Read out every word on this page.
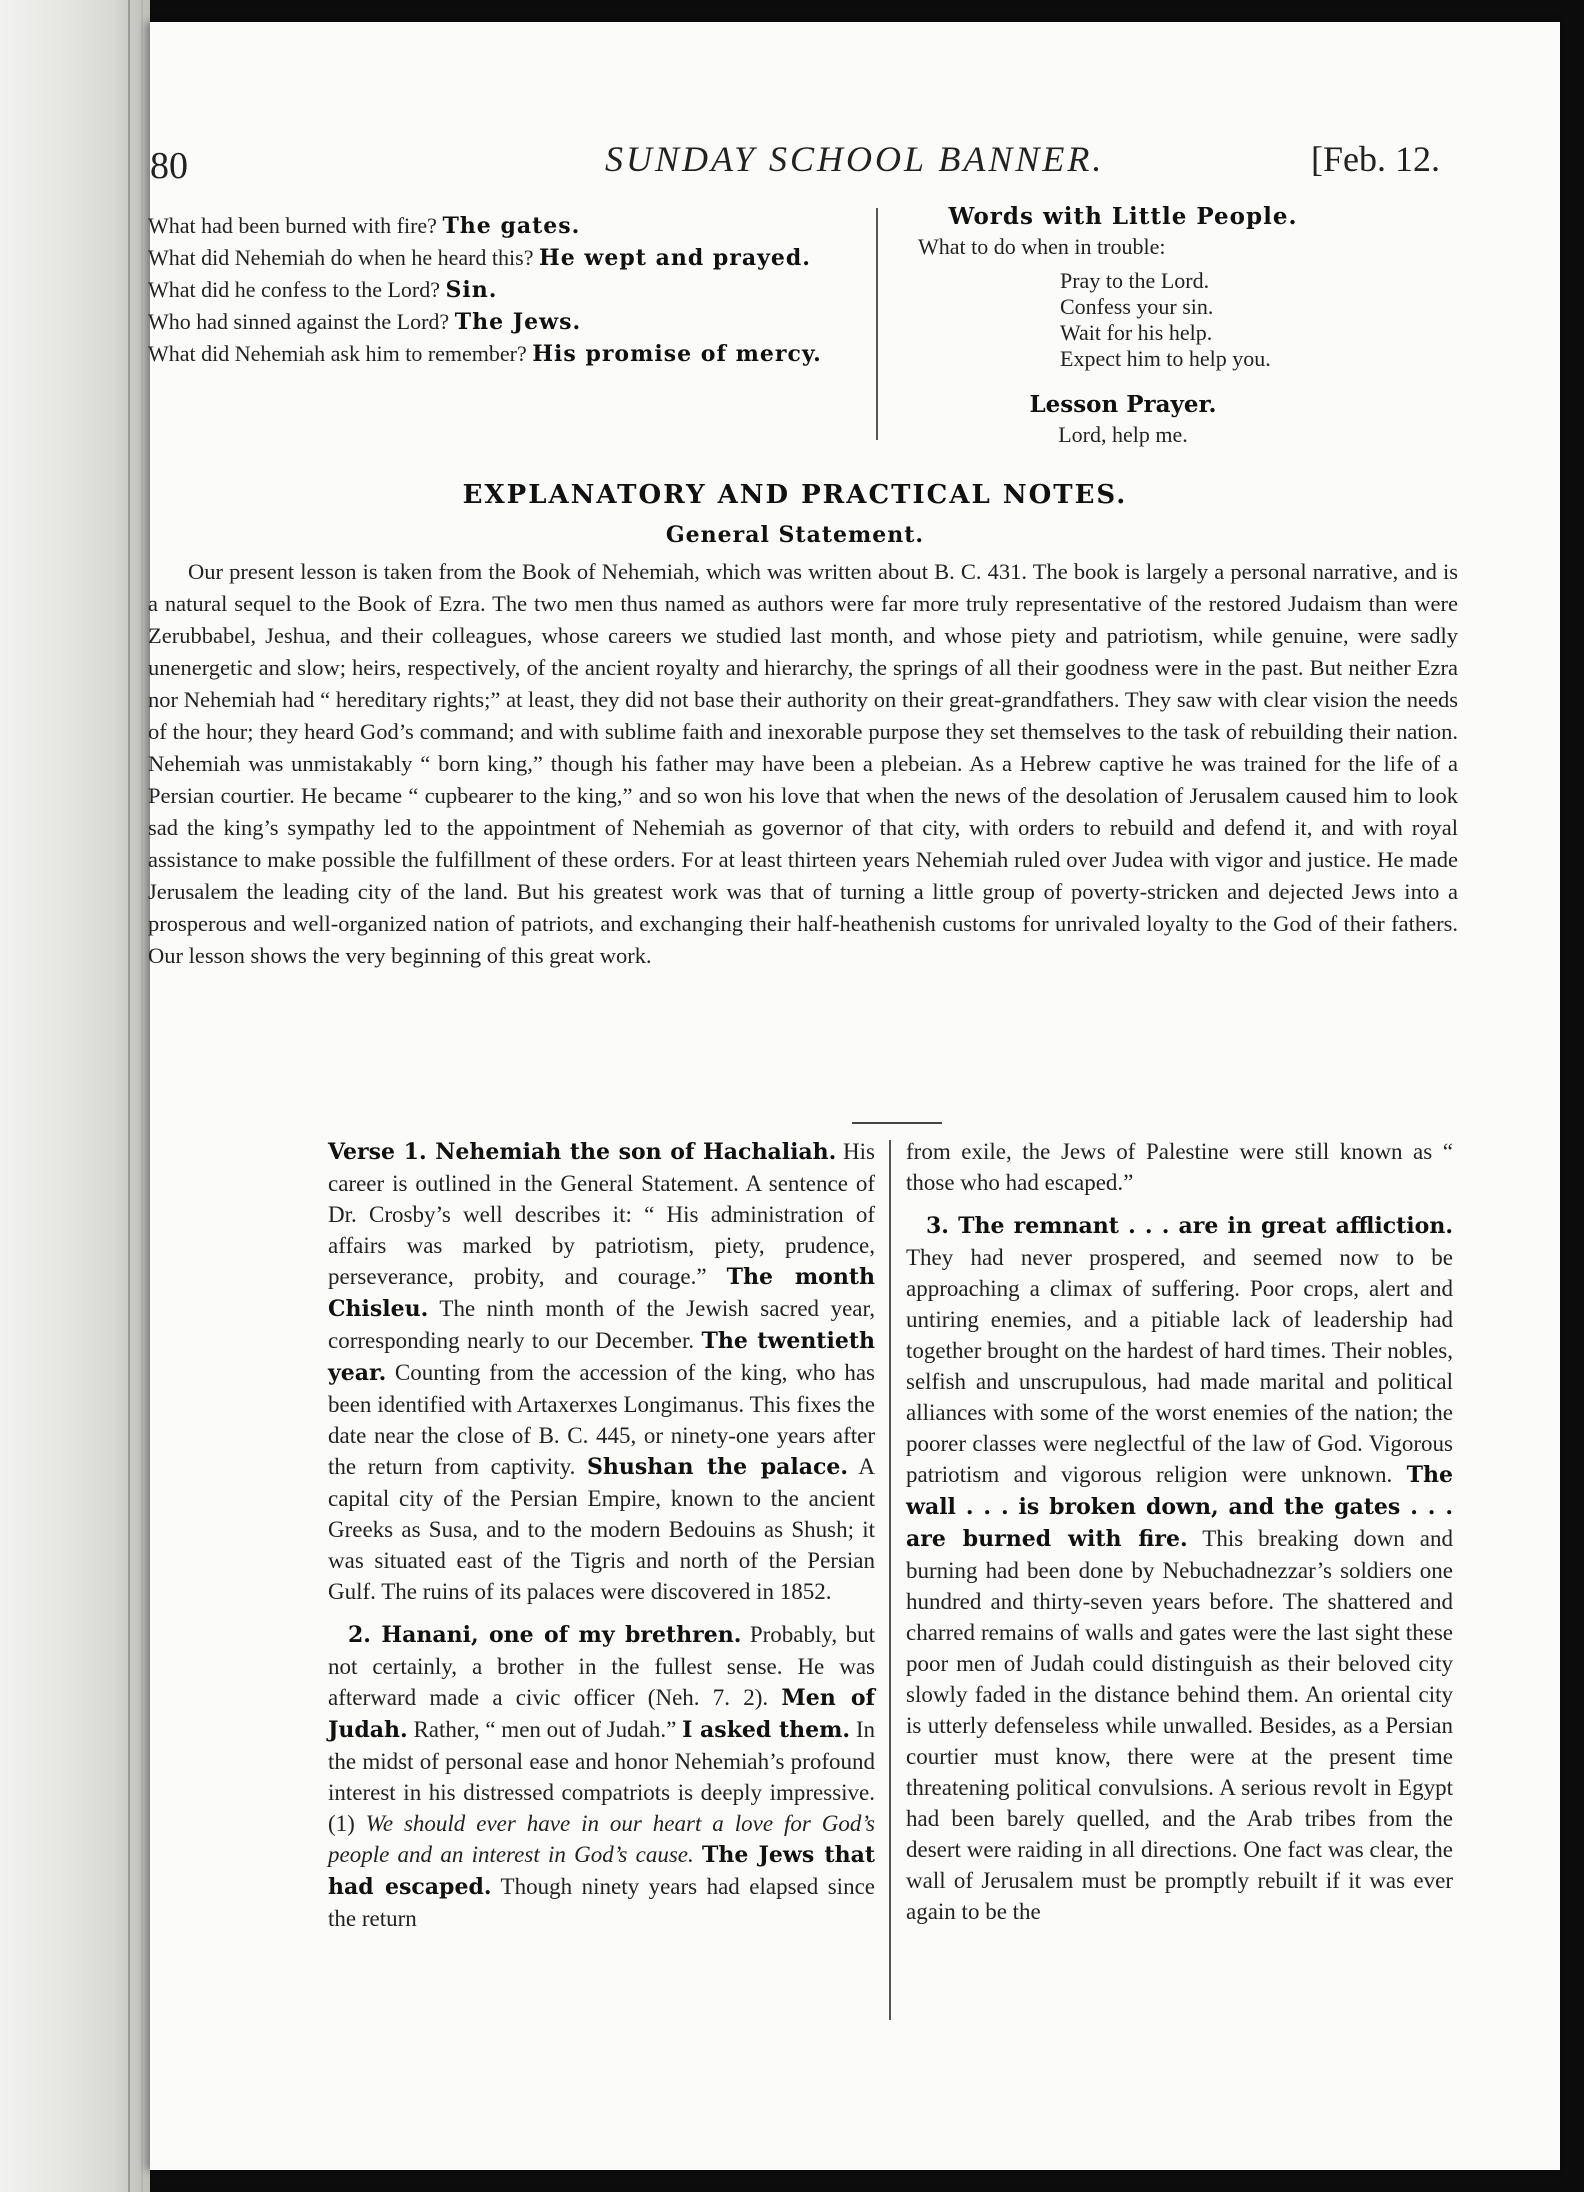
80	SUNDAY SCHOOL BANNER.	[Feb. 12.

What had been burned with fire? The gates.

What did Nehemiah do when he heard this? He wept and prayed.

What did he confess to the Lord? Sin.

Who had sinned against the Lord? The Jews.

What did Nehemiah ask him to remember? His promise of mercy.

Words with Little People.

What to do when in trouble:

Pray to the Lord.
Confess your sin.
Wait for his help.
Expect him to help you.
Lesson Prayer.

Lord, help me.

EXPLANATORY AND PRACTICAL NOTES.
General Statement.

Our present lesson is taken from the Book of Nehemiah, which was written about B. C. 431. The book is largely a personal narrative, and is a natural sequel to the Book of Ezra. The two men thus named as authors were far more truly representative of the restored Judaism than were Zerubbabel, Jeshua, and their colleagues, whose careers we studied last month, and whose piety and patriotism, while genuine, were sadly unenergetic and slow; heirs, respectively, of the ancient royalty and hierarchy, the springs of all their goodness were in the past. But neither Ezra nor Nehemiah had “ hereditary rights;” at least, they did not base their authority on their great-grandfathers. They saw with clear vision the needs of the hour; they heard God’s command; and with sublime faith and inexorable purpose they set themselves to the task of rebuilding their nation. Nehemiah was unmistakably “ born king,” though his father may have been a plebeian. As a Hebrew captive he was trained for the life of a Persian courtier. He became “ cupbearer to the king,” and so won his love that when the news of the desolation of Jerusalem caused him to look sad the king’s sympathy led to the appointment of Nehemiah as governor of that city, with orders to rebuild and defend it, and with royal assistance to make possible the fulfillment of these orders. For at least thirteen years Nehemiah ruled over Judea with vigor and justice. He made Jerusalem the leading city of the land. But his greatest work was that of turning a little group of poverty-stricken and dejected Jews into a prosperous and well-organized nation of patriots, and exchanging their half-heathenish customs for unrivaled loyalty to the God of their fathers. Our lesson shows the very beginning of this great work.

Verse 1. Nehemiah the son of Hachaliah. His career is outlined in the General Statement. A sentence of Dr. Crosby’s well describes it: “ His administration of affairs was marked by patriotism, piety, prudence, perseverance, probity, and courage.” The month Chisleu. The ninth month of the Jewish sacred year, corresponding nearly to our December. The twentieth year. Counting from the accession of the king, who has been identified with Artaxerxes Longimanus. This fixes the date near the close of B. C. 445, or ninety-one years after the return from captivity. Shushan the palace. A capital city of the Persian Empire, known to the ancient Greeks as Susa, and to the modern Bedouins as Shush; it was situated east of the Tigris and north of the Persian Gulf. The ruins of its palaces were discovered in 1852.

2. Hanani, one of my brethren. Probably, but not certainly, a brother in the fullest sense. He was afterward made a civic officer (Neh. 7. 2). Men of Judah. Rather, “ men out of Judah.” I asked them. In the midst of personal ease and honor Nehemiah’s profound interest in his distressed compatriots is deeply impressive. (1) We should ever have in our heart a love for God’s people and an interest in God’s cause. The Jews that had escaped. Though ninety years had elapsed since the return

from exile, the Jews of Palestine were still known as “ those who had escaped.”

3. The remnant . . . are in great affliction. They had never prospered, and seemed now to be approaching a climax of suffering. Poor crops, alert and untiring enemies, and a pitiable lack of leadership had together brought on the hardest of hard times. Their nobles, selfish and unscrupulous, had made marital and political alliances with some of the worst enemies of the nation; the poorer classes were neglectful of the law of God. Vigorous patriotism and vigorous religion were unknown. The wall . . . is broken down, and the gates . . . are burned with fire. This breaking down and burning had been done by Nebuchadnezzar’s soldiers one hundred and thirty-seven years before. The shattered and charred remains of walls and gates were the last sight these poor men of Judah could distinguish as their beloved city slowly faded in the distance behind them. An oriental city is utterly defenseless while unwalled. Besides, as a Persian courtier must know, there were at the present time threatening political convulsions. A serious revolt in Egypt had been barely quelled, and the Arab tribes from the desert were raiding in all directions. One fact was clear, the wall of Jerusalem must be promptly rebuilt if it was ever again to be the
